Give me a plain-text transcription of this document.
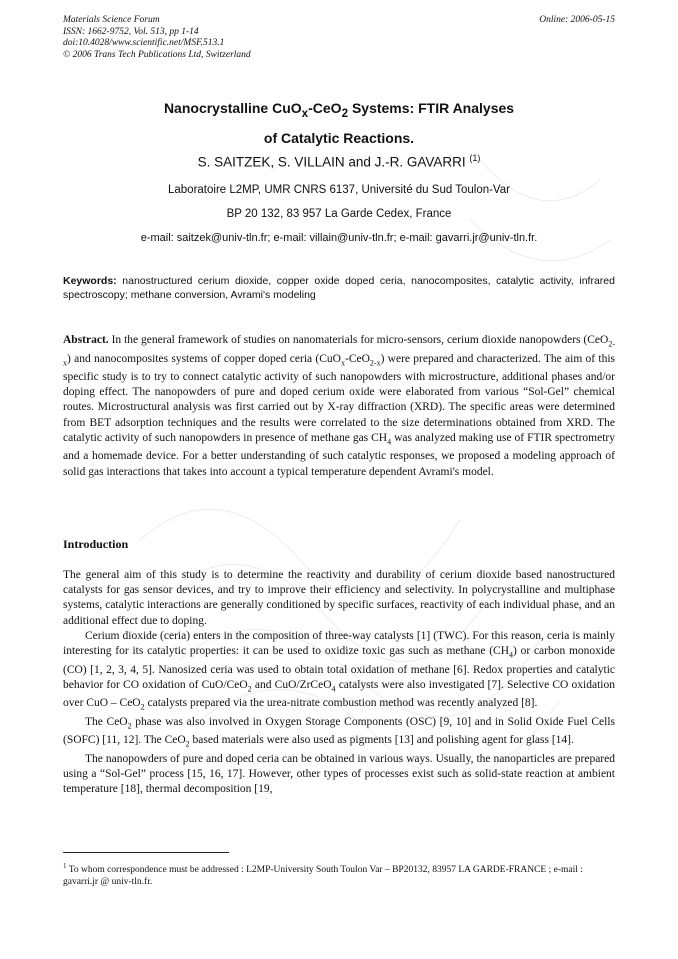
Materials Science Forum
ISSN: 1662-9752, Vol. 513, pp 1-14
doi:10.4028/www.scientific.net/MSF.513.1
© 2006 Trans Tech Publications Ltd, Switzerland
Online: 2006-05-15
Nanocrystalline CuO$_x$-CeO$_2$ Systems: FTIR Analyses
of Catalytic Reactions.
S. SAITZEK, S. VILLAIN and J.-R. GAVARRI $^{(1)}$
Laboratoire L2MP, UMR CNRS 6137, Université du Sud Toulon-Var
BP 20 132, 83 957 La Garde Cedex, France
e-mail: saitzek@univ-tln.fr; e-mail: villain@univ-tln.fr; e-mail: gavarri.jr@univ-tln.fr.
Keywords: nanostructured cerium dioxide, copper oxide doped ceria, nanocomposites, catalytic activity, infrared spectroscopy; methane conversion, Avrami's modeling
Abstract. In the general framework of studies on nanomaterials for micro-sensors, cerium dioxide nanopowders (CeO$_{2-x}$) and nanocomposites systems of copper doped ceria (CuO$_x$-CeO$_{2-x}$) were prepared and characterized. The aim of this specific study is to try to connect catalytic activity of such nanopowders with microstructure, additional phases and/or doping effect. The nanopowders of pure and doped cerium oxide were elaborated from various “Sol-Gel” chemical routes. Microstructural analysis was first carried out by X-ray diffraction (XRD). The specific areas were determined from BET adsorption techniques and the results were correlated to the size determinations obtained from XRD. The catalytic activity of such nanopowders in presence of methane gas $CH_4$ was analyzed making use of FTIR spectrometry and a homemade device. For a better understanding of such catalytic responses, we proposed a modeling approach of solid gas interactions that takes into account a typical temperature dependent Avrami's model.
Introduction

The general aim of this study is to determine the reactivity and durability of cerium dioxide based nanostructured catalysts for gas sensor devices, and try to improve their efficiency and selectivity. In polycrystalline and multiphase systems, catalytic interactions are generally conditioned by specific surfaces, reactivity of each individual phase, and an additional effect due to doping.

Cerium dioxide (ceria) enters in the composition of three-way catalysts [1] (TWC). For this reason, ceria is mainly interesting for its catalytic properties: it can be used to oxidize toxic gas such as methane $(CH_4)$ or carbon monoxide (CO) [1, 2, 3, 4, 5]. Nanosized ceria was used to obtain total oxidation of methane [6]. Redox properties and catalytic behavior for CO oxidation of CuO/CeO$_2$ and CuO/ZrCeO$_4$ catalysts were also investigated [7]. Selective CO oxidation over CuO – CeO$_2$ catalysts prepared via the urea-nitrate combustion method was recently analyzed [8].

The CeO$_2$ phase was also involved in Oxygen Storage Components (OSC) [9, 10] and in Solid Oxide Fuel Cells (SOFC) [11, 12]. The CeO$_2$ based materials were also used as pigments [13] and polishing agent for glass [14].

The nanopowders of pure and doped ceria can be obtained in various ways. Usually, the nanoparticles are prepared using a “Sol-Gel” process [15, 16, 17]. However, other types of processes exist such as solid-state reaction at ambient temperature [18], thermal decomposition [19,

$^1$ To whom correspondence must be addressed : L2MP-University South Toulon Var – BP20132, 83957 LA GARDE-FRANCE ; e-mail : gavarri.jr @ univ-tln.fr.
